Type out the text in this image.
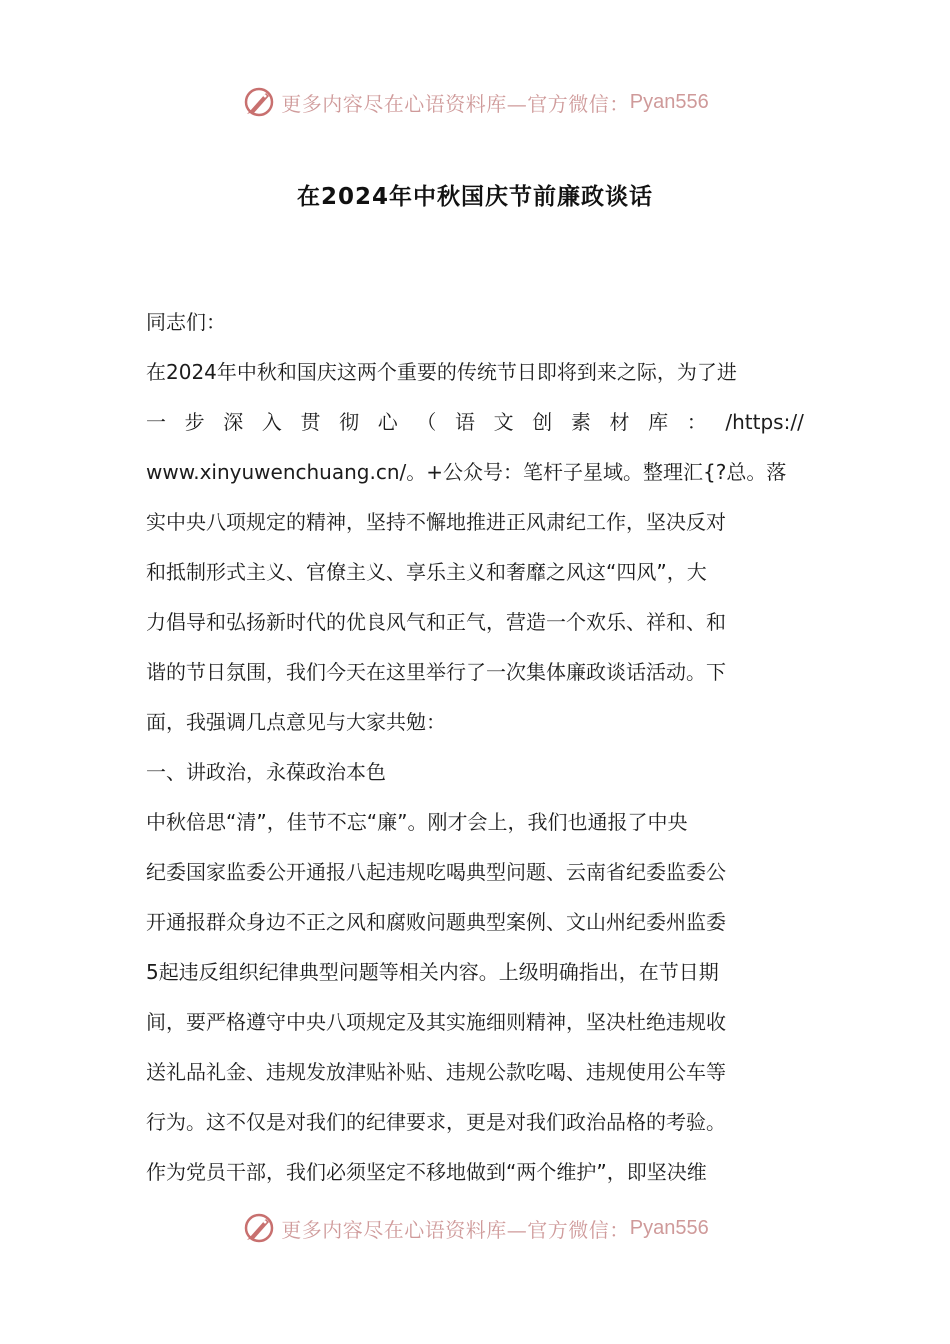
更多内容尽在心语资料库—官方微信： Pyan556
在2024年中秋国庆节前廉政谈话
同志们：
在2024年中秋和国庆这两个重要的传统节日即将到来之际，为了进
一 步 深 入 贯 彻 心 （ 语 文 创 素 材 库 ： /https://
www.xinyuwenchuang.cn/。+公众号：笔杆子星域。整理汇{?总。落
实中央八项规定的精神，坚持不懈地推进正风肃纪工作，坚决反对
和抵制形式主义、官僚主义、享乐主义和奢靡之风这“四风”，大
力倡导和弘扬新时代的优良风气和正气，营造一个欢乐、祥和、和
谐的节日氛围，我们今天在这里举行了一次集体廉政谈话活动。下
面，我强调几点意见与大家共勉：
一、讲政治，永葆政治本色
中秋倍思“清”，佳节不忘“廉”。刚才会上，我们也通报了中央
纪委国家监委公开通报八起违规吃喝典型问题、云南省纪委监委公
开通报群众身边不正之风和腐败问题典型案例、文山州纪委州监委
5起违反组织纪律典型问题等相关内容。上级明确指出，在节日期
间，要严格遵守中央八项规定及其实施细则精神，坚决杜绝违规收
送礼品礼金、违规发放津贴补贴、违规公款吃喝、违规使用公车等
行为。这不仅是对我们的纪律要求，更是对我们政治品格的考验。
作为党员干部，我们必须坚定不移地做到“两个维护”，即坚决维
更多内容尽在心语资料库—官方微信： Pyan556
